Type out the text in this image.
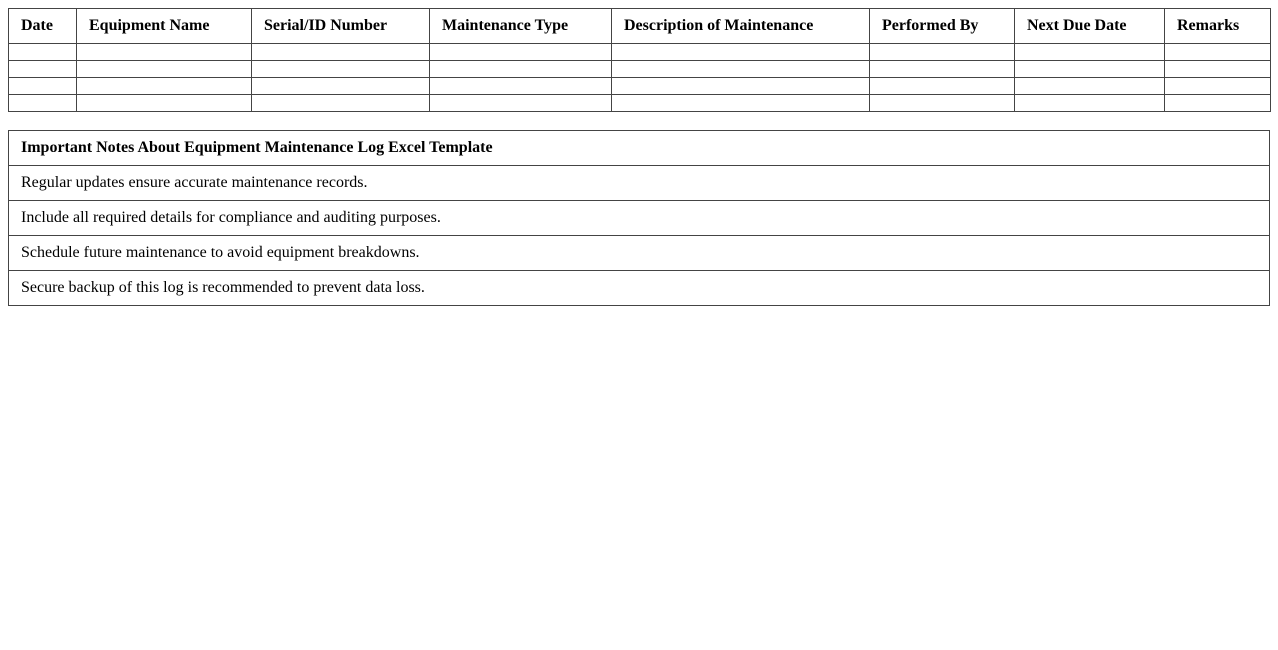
Date	Equipment Name	Serial/ID Number	Maintenance Type	Description of Maintenance	Performed By	Next Due Date	Remarks

Important Notes About Equipment Maintenance Log Excel Template
Regular updates ensure accurate maintenance records.
Include all required details for compliance and auditing purposes.
Schedule future maintenance to avoid equipment breakdowns.
Secure backup of this log is recommended to prevent data loss.
